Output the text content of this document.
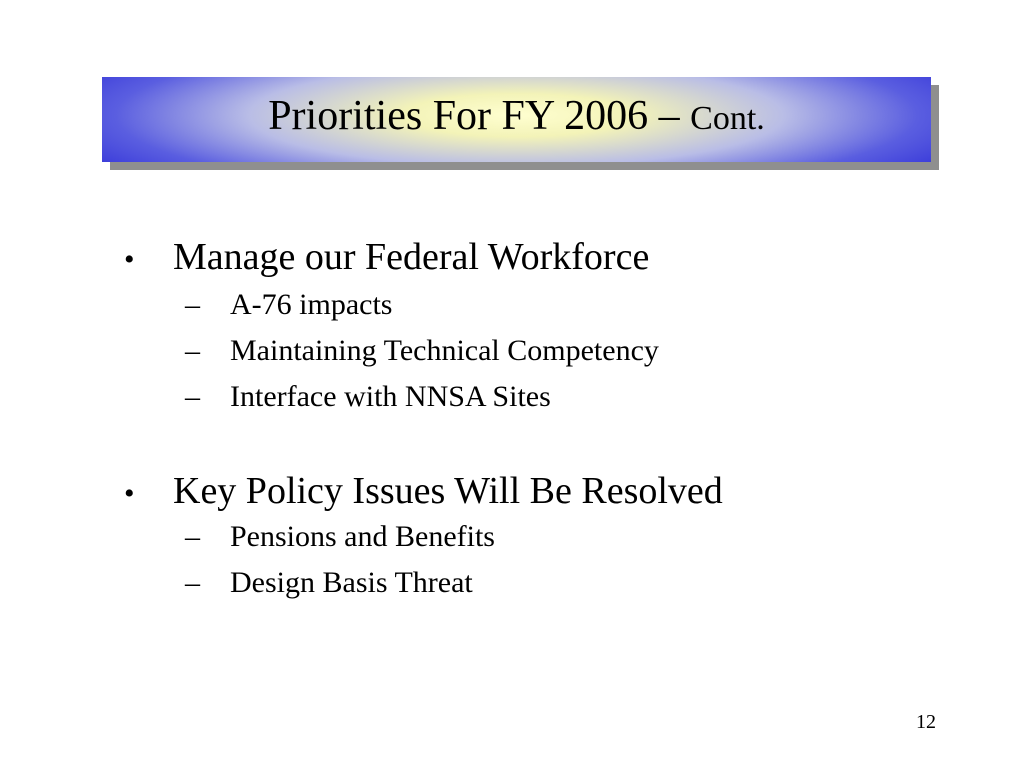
Priorities For FY 2006 – Cont.
•	Manage our Federal Workforce
–	A-76 impacts
–	Maintaining Technical Competency
–	Interface with NNSA Sites
•	Key Policy Issues Will Be Resolved
–	Pensions and Benefits
–	Design Basis Threat
12
